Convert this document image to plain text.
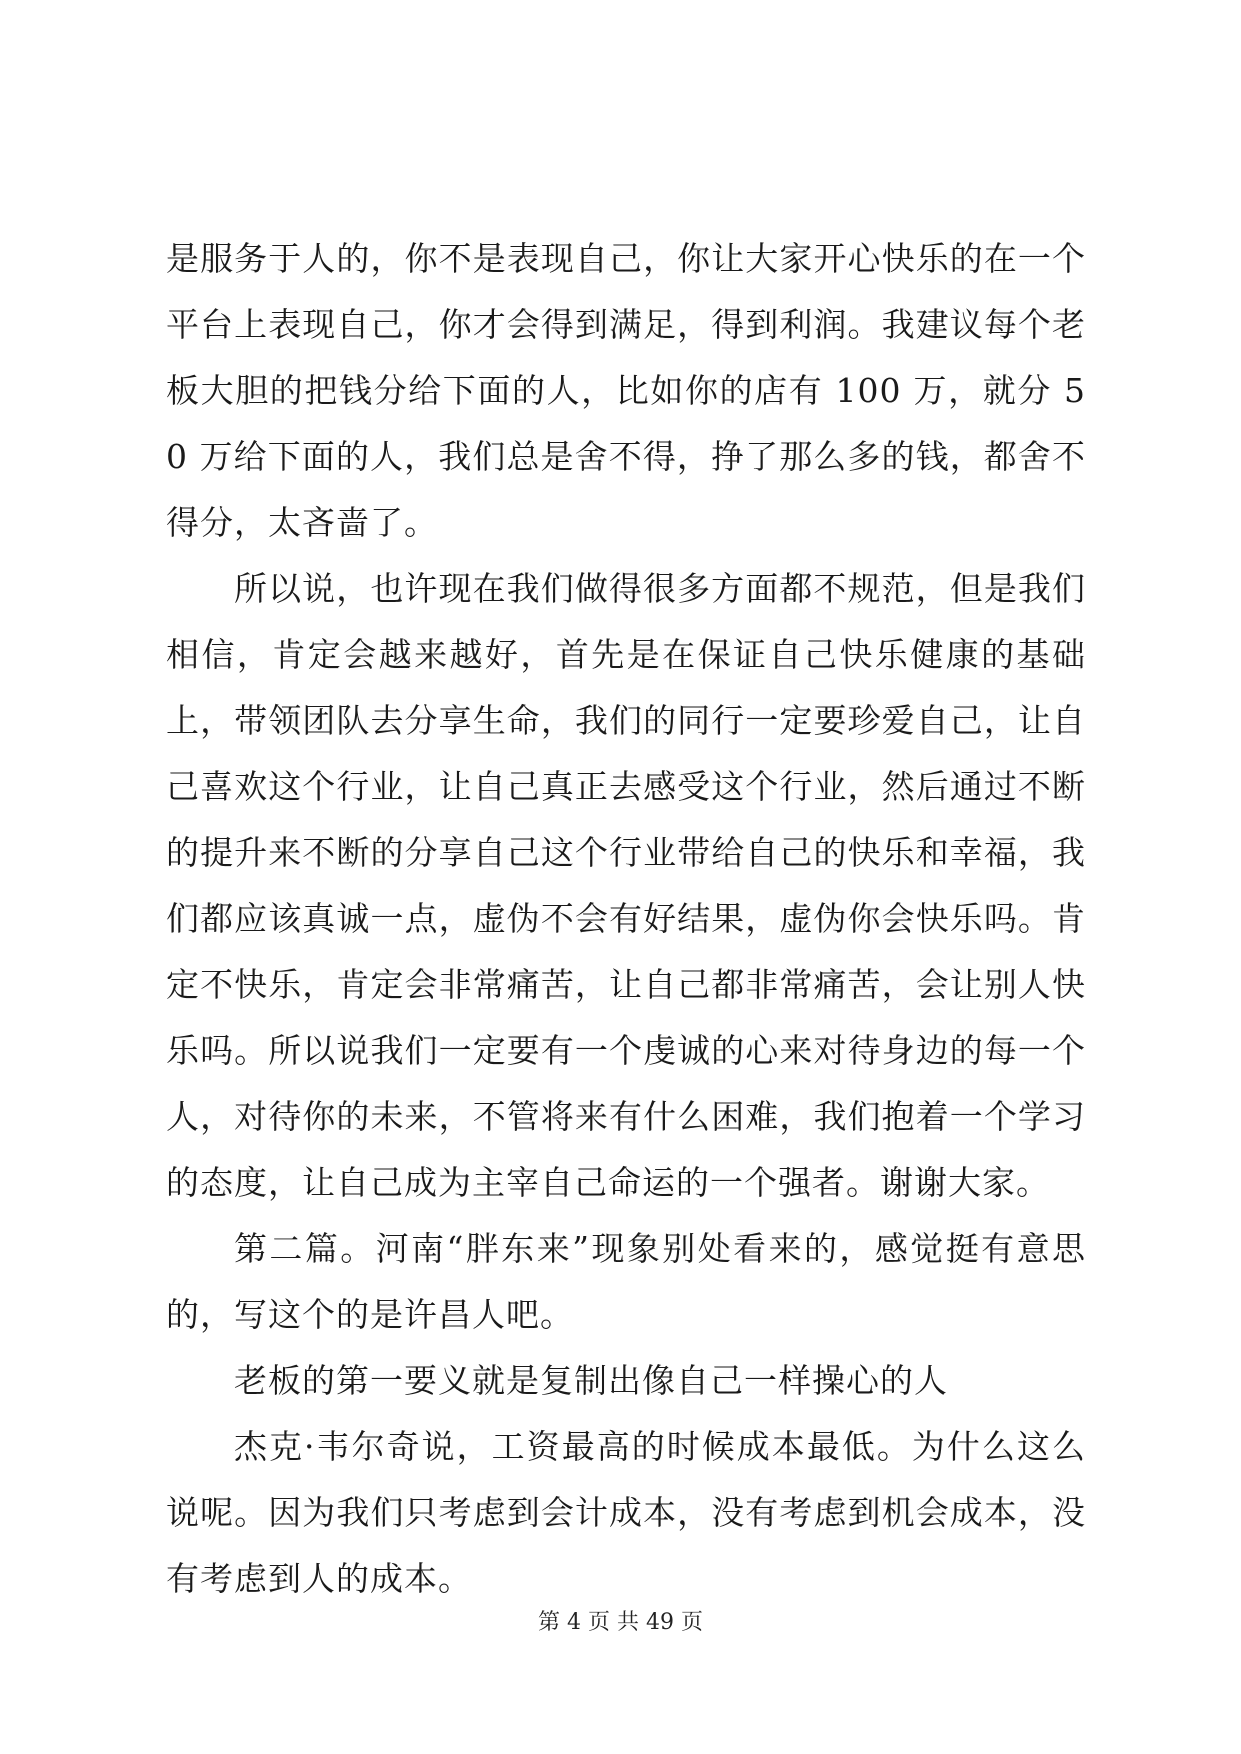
是服务于人的，你不是表现自己，你让大家开心快乐的在一个平台上表现自己，你才会得到满足，得到利润。我建议每个老板大胆的把钱分给下面的人，比如你的店有 100 万，就分 50 万给下面的人，我们总是舍不得，挣了那么多的钱，都舍不得分，太吝啬了。

所以说，也许现在我们做得很多方面都不规范，但是我们相信，肯定会越来越好，首先是在保证自己快乐健康的基础上，带领团队去分享生命，我们的同行一定要珍爱自己，让自己喜欢这个行业，让自己真正去感受这个行业，然后通过不断的提升来不断的分享自己这个行业带给自己的快乐和幸福，我们都应该真诚一点，虚伪不会有好结果，虚伪你会快乐吗。肯定不快乐，肯定会非常痛苦，让自己都非常痛苦，会让别人快乐吗。所以说我们一定要有一个虔诚的心来对待身边的每一个人，对待你的未来，不管将来有什么困难，我们抱着一个学习的态度，让自己成为主宰自己命运的一个强者。谢谢大家。

第二篇。河南“胖东来”现象别处看来的，感觉挺有意思的，写这个的是许昌人吧。

老板的第一要义就是复制出像自己一样操心的人

杰克·韦尔奇说，工资最高的时候成本最低。为什么这么说呢。因为我们只考虑到会计成本，没有考虑到机会成本，没有考虑到人的成本。

第 4 页 共 49 页
